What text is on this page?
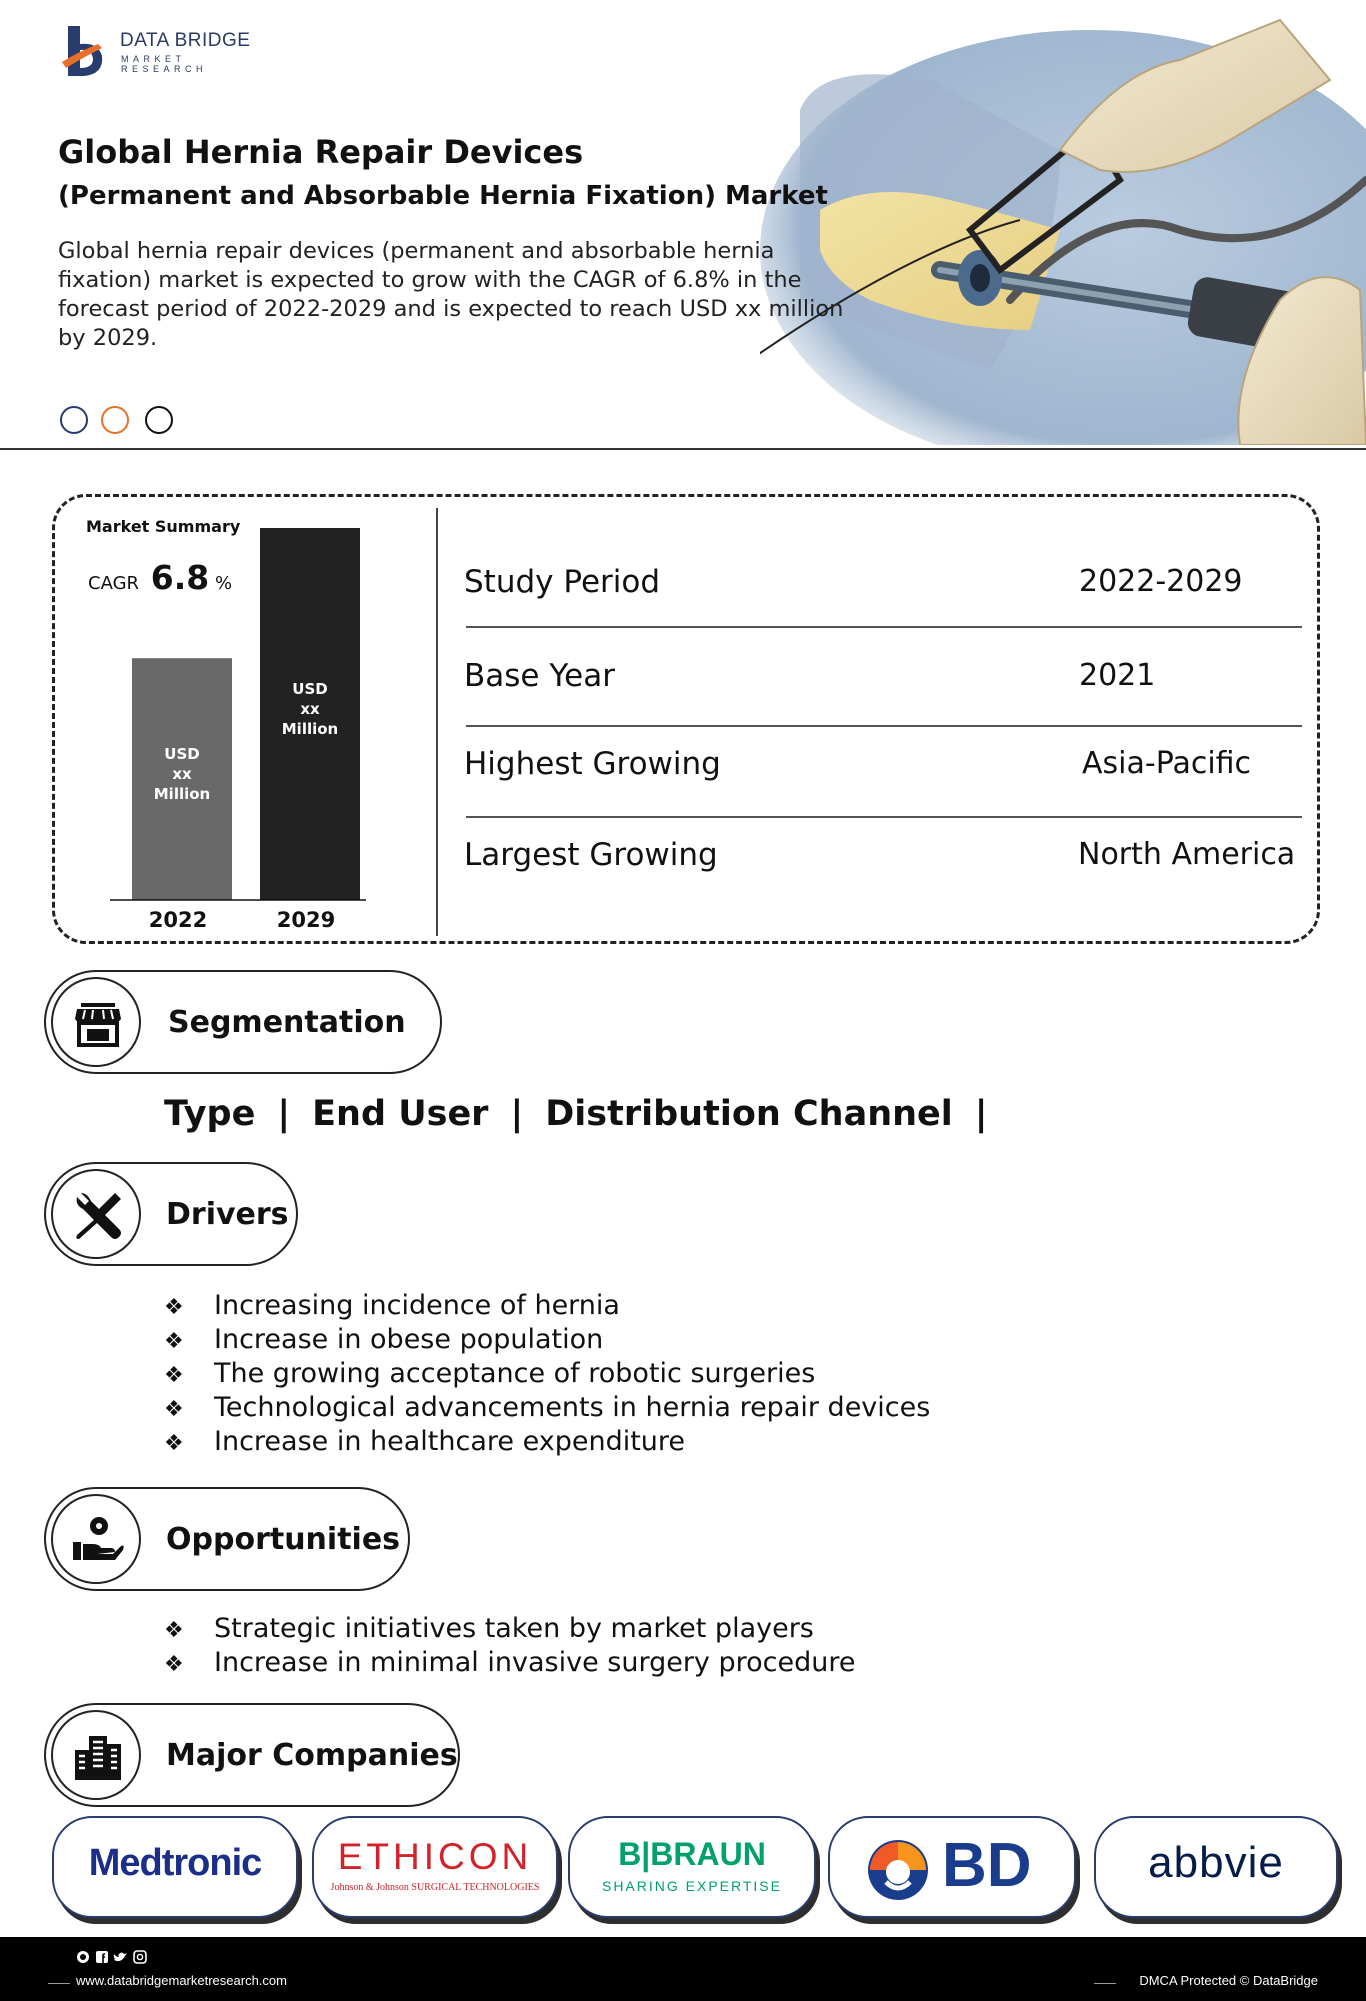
DATA BRIDGE
MARKET RESEARCH
Global Hernia Repair Devices
(Permanent and Absorbable Hernia Fixation) Market

Global hernia repair devices (permanent and absorbable hernia fixation) market is expected to grow with the CAGR of 6.8% in the forecast period of 2022-2029 and is expected to reach USD xx million by 2029.

Market Summary
CAGR 6.8 %
USD
xx
Million
USD
xx
Million
2022	2029
Study Period	2022-2029
Base Year	2021
Highest Growing	Asia-Pacific
Largest Growing	North America
Segmentation
Type | End User | Distribution Channel |
Drivers
❖ Increasing incidence of hernia
❖ Increase in obese population
❖ The growing acceptance of robotic surgeries
❖ Technological advancements in hernia repair devices
❖ Increase in healthcare expenditure
Opportunities
❖ Strategic initiatives taken by market players
❖ Increase in minimal invasive surgery procedure
Major Companies
Medtronic	ETHICON
Johnson & Johnson SURGICAL TECHNOLOGIES
B|BRAUN
SHARING EXPERTISE	BD	abbvie
www.databridgemarketresearch.com	DMCA Protected © DataBridge
